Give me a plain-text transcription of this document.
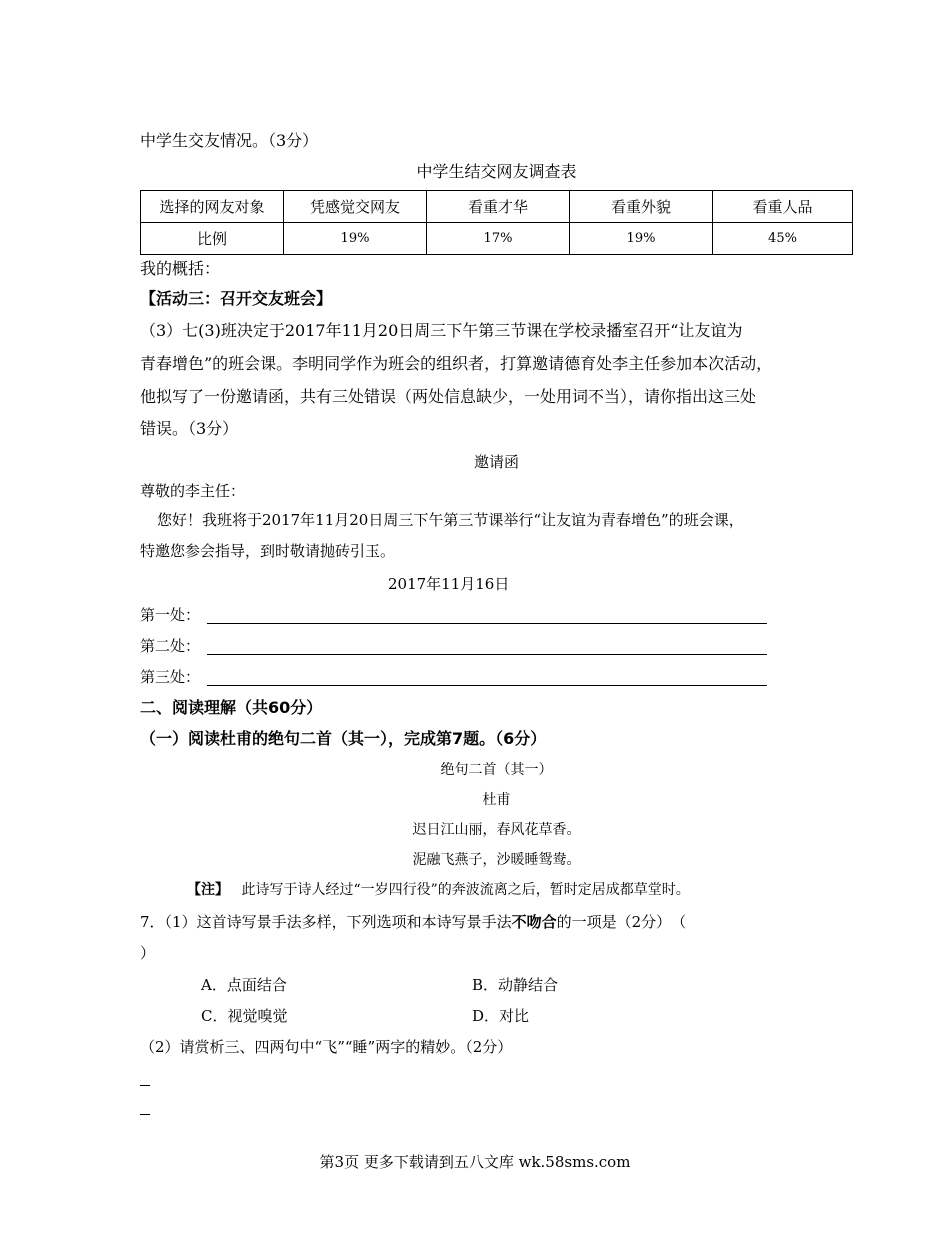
中学生交友情况。（3分）
中学生结交网友调查表
选择的网友对象	凭感觉交网友	看重才华	看重外貌	看重人品
比例	19%	17%	19%	45%
我的概括：
【活动三：召开交友班会】
（3）七(3)班决定于2017年11月20日周三下午第三节课在学校录播室召开“让友谊为
青春增色”的班会课。李明同学作为班会的组织者，打算邀请德育处李主任参加本次活动，
他拟写了一份邀请函，共有三处错误（两处信息缺少，一处用词不当），请你指出这三处
错误。（3分）
邀请函
尊敬的李主任：
您好！我班将于2017年11月20日周三下午第三节课举行“让友谊为青春增色”的班会课，
特邀您参会指导，到时敬请抛砖引玉。
2017年11月16日
第一处：
第二处：
第三处：
二、阅读理解（共60分）
（一）阅读杜甫的绝句二首（其一），完成第7题。（6分）
绝句二首（其一）
杜甫
迟日江山丽，春风花草香。
泥融飞燕子，沙暖睡鸳鸯。
【注】 此诗写于诗人经过“一岁四行役”的奔波流离之后，暂时定居成都草堂时。
7．（1）这首诗写景手法多样，下列选项和本诗写景手法不吻合的一项是（2分）　（
）
A．点面结合	B．动静结合
C．视觉嗅觉	D．对比
（2）请赏析三、四两句中“飞”“睡”两字的精妙。（2分）
第3页 更多下载请到五八文库 wk.58sms.com
